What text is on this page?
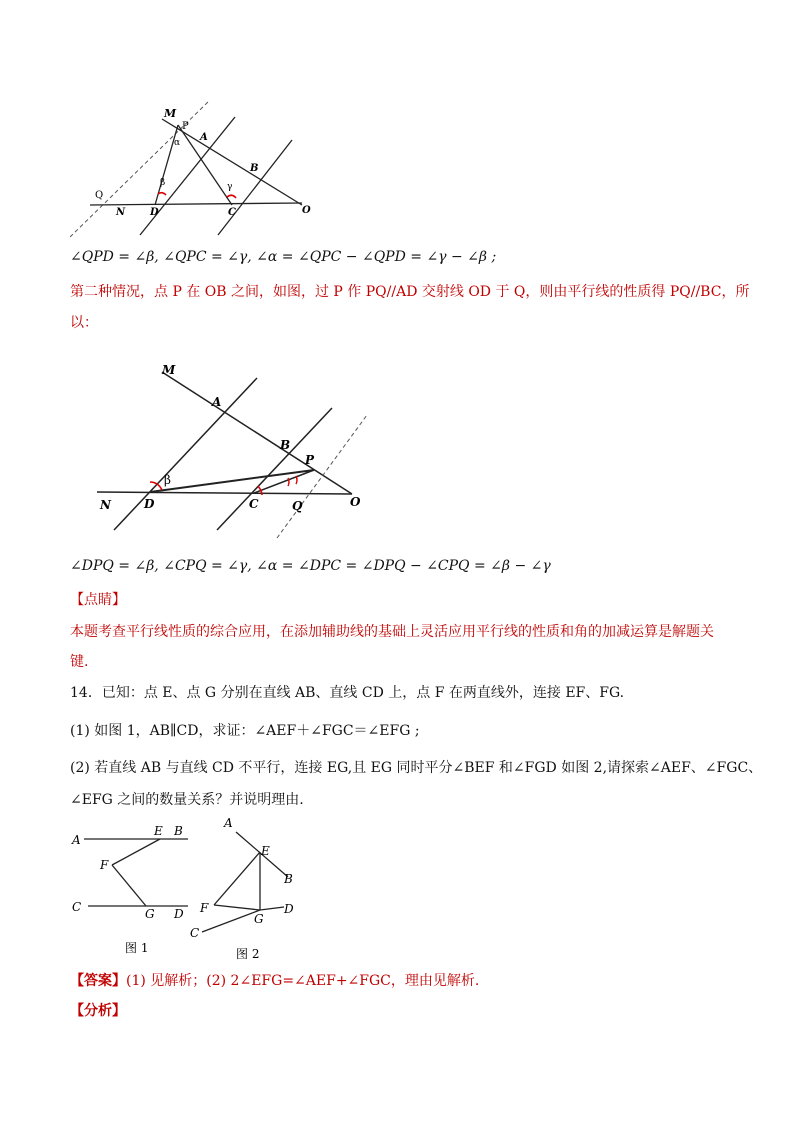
M
P
A
α
β	γ
B
Q
N D	C	O
∠QPD = ∠β, ∠QPC = ∠γ, ∠α = ∠QPC − ∠QPD = ∠γ − ∠β ;
第二种情况，点 P 在 OB 之间，如图，过 P 作 PQ//AD 交射线 OD 于 Q，则由平行线的性质得 PQ//BC，所
以：
M
A
B
P
β
N	D	C	Q	O
∠DPQ = ∠β, ∠CPQ = ∠γ, ∠α = ∠DPC = ∠DPQ − ∠CPQ = ∠β − ∠γ
【点睛】
本题考查平行线性质的综合应用，在添加辅助线的基础上灵活应用平行线的性质和角的加减运算是解题关
键.
14．已知：点 E、点 G 分别在直线 AB、直线 CD 上，点 F 在两直线外，连接 EF、FG.
(1) 如图 1，AB∥CD，求证：∠AEF＋∠FGC＝∠EFG ;
(2) 若直线 AB 与直线 CD 不平行，连接 EG,且 EG 同时平分∠BEF 和∠FGD 如图 2,请探索∠AEF、∠FGC、
∠EFG 之间的数量关系？并说明理由.
A
E B
F
C	G D
图 1
A
E
B
F
G
D
C
图 2
【答案】(1) 见解析；(2) 2∠EFG=∠AEF+∠FGC，理由见解析.
【分析】
